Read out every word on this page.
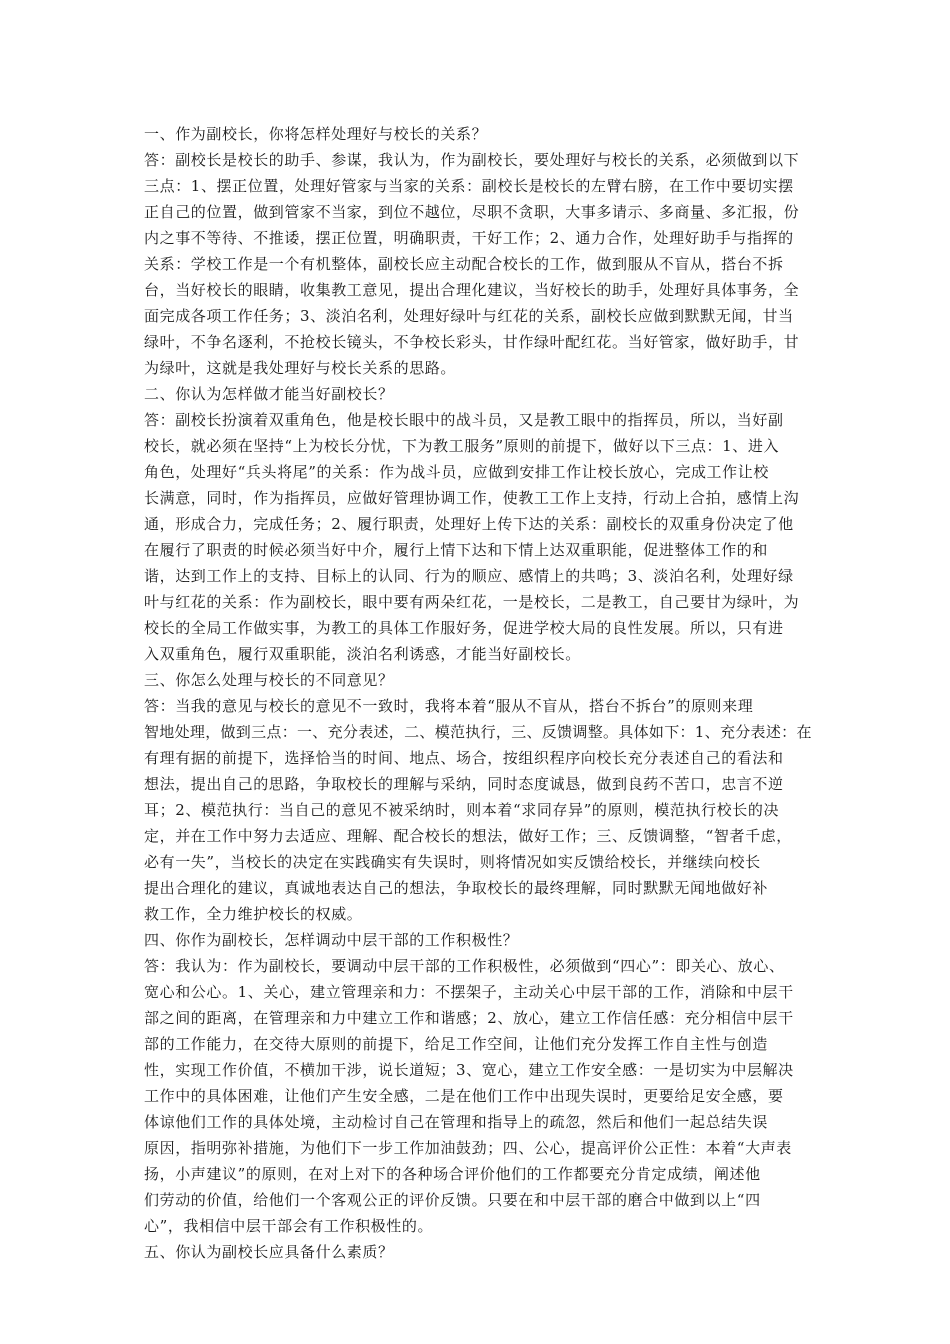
一、作为副校长，你将怎样处理好与校长的关系？
答：副校长是校长的助手、参谋，我认为，作为副校长，要处理好与校长的关系，必须做到以下
三点：1、摆正位置，处理好管家与当家的关系：副校长是校长的左臂右膀，在工作中要切实摆
正自己的位置，做到管家不当家，到位不越位，尽职不贪职，大事多请示、多商量、多汇报，份
内之事不等待、不推诿，摆正位置，明确职责，干好工作；2、通力合作，处理好助手与指挥的
关系：学校工作是一个有机整体，副校长应主动配合校长的工作，做到服从不盲从，搭台不拆
台，当好校长的眼睛，收集教工意见，提出合理化建议，当好校长的助手，处理好具体事务，全
面完成各项工作任务；3、淡泊名利，处理好绿叶与红花的关系，副校长应做到默默无闻，甘当
绿叶，不争名逐利，不抢校长镜头，不争校长彩头，甘作绿叶配红花。当好管家，做好助手，甘
为绿叶，这就是我处理好与校长关系的思路。
二、你认为怎样做才能当好副校长？
答：副校长扮演着双重角色，他是校长眼中的战斗员，又是教工眼中的指挥员，所以，当好副
校长，就必须在坚持“上为校长分忧，下为教工服务”原则的前提下，做好以下三点：1、进入
角色，处理好“兵头将尾”的关系：作为战斗员，应做到安排工作让校长放心，完成工作让校
长满意，同时，作为指挥员，应做好管理协调工作，使教工工作上支持，行动上合拍，感情上沟
通，形成合力，完成任务；2、履行职责，处理好上传下达的关系：副校长的双重身份决定了他
在履行了职责的时候必须当好中介，履行上情下达和下情上达双重职能，促进整体工作的和
谐，达到工作上的支持、目标上的认同、行为的顺应、感情上的共鸣；3、淡泊名利，处理好绿
叶与红花的关系：作为副校长，眼中要有两朵红花，一是校长，二是教工，自己要甘为绿叶，为
校长的全局工作做实事，为教工的具体工作服好务，促进学校大局的良性发展。所以，只有进
入双重角色，履行双重职能，淡泊名利诱惑，才能当好副校长。
三、你怎么处理与校长的不同意见？
答：当我的意见与校长的意见不一致时，我将本着“服从不盲从，搭台不拆台”的原则来理
智地处理，做到三点：一、充分表述，二、模范执行，三、反馈调整。具体如下：1、充分表述：在
有理有据的前提下，选择恰当的时间、地点、场合，按组织程序向校长充分表述自己的看法和
想法，提出自己的思路，争取校长的理解与采纳，同时态度诚恳，做到良药不苦口，忠言不逆
耳；2、模范执行：当自己的意见不被采纳时，则本着“求同存异”的原则，模范执行校长的决
定，并在工作中努力去适应、理解、配合校长的想法，做好工作；三、反馈调整，“智者千虑，
必有一失”，当校长的决定在实践确实有失误时，则将情况如实反馈给校长，并继续向校长
提出合理化的建议，真诚地表达自己的想法，争取校长的最终理解，同时默默无闻地做好补
救工作，全力维护校长的权威。
四、你作为副校长，怎样调动中层干部的工作积极性？
答：我认为：作为副校长，要调动中层干部的工作积极性，必须做到“四心”：即关心、放心、
宽心和公心。1、关心，建立管理亲和力：不摆架子，主动关心中层干部的工作，消除和中层干
部之间的距离，在管理亲和力中建立工作和谐感；2、放心，建立工作信任感：充分相信中层干
部的工作能力，在交待大原则的前提下，给足工作空间，让他们充分发挥工作自主性与创造
性，实现工作价值，不横加干涉，说长道短；3、宽心，建立工作安全感：一是切实为中层解决
工作中的具体困难，让他们产生安全感，二是在他们工作中出现失误时，更要给足安全感，要
体谅他们工作的具体处境，主动检讨自己在管理和指导上的疏忽，然后和他们一起总结失误
原因，指明弥补措施，为他们下一步工作加油鼓劲；四、公心，提高评价公正性：本着“大声表
扬，小声建议”的原则，在对上对下的各种场合评价他们的工作都要充分肯定成绩，阐述他
们劳动的价值，给他们一个客观公正的评价反馈。只要在和中层干部的磨合中做到以上“四
心”，我相信中层干部会有工作积极性的。
五、你认为副校长应具备什么素质？
